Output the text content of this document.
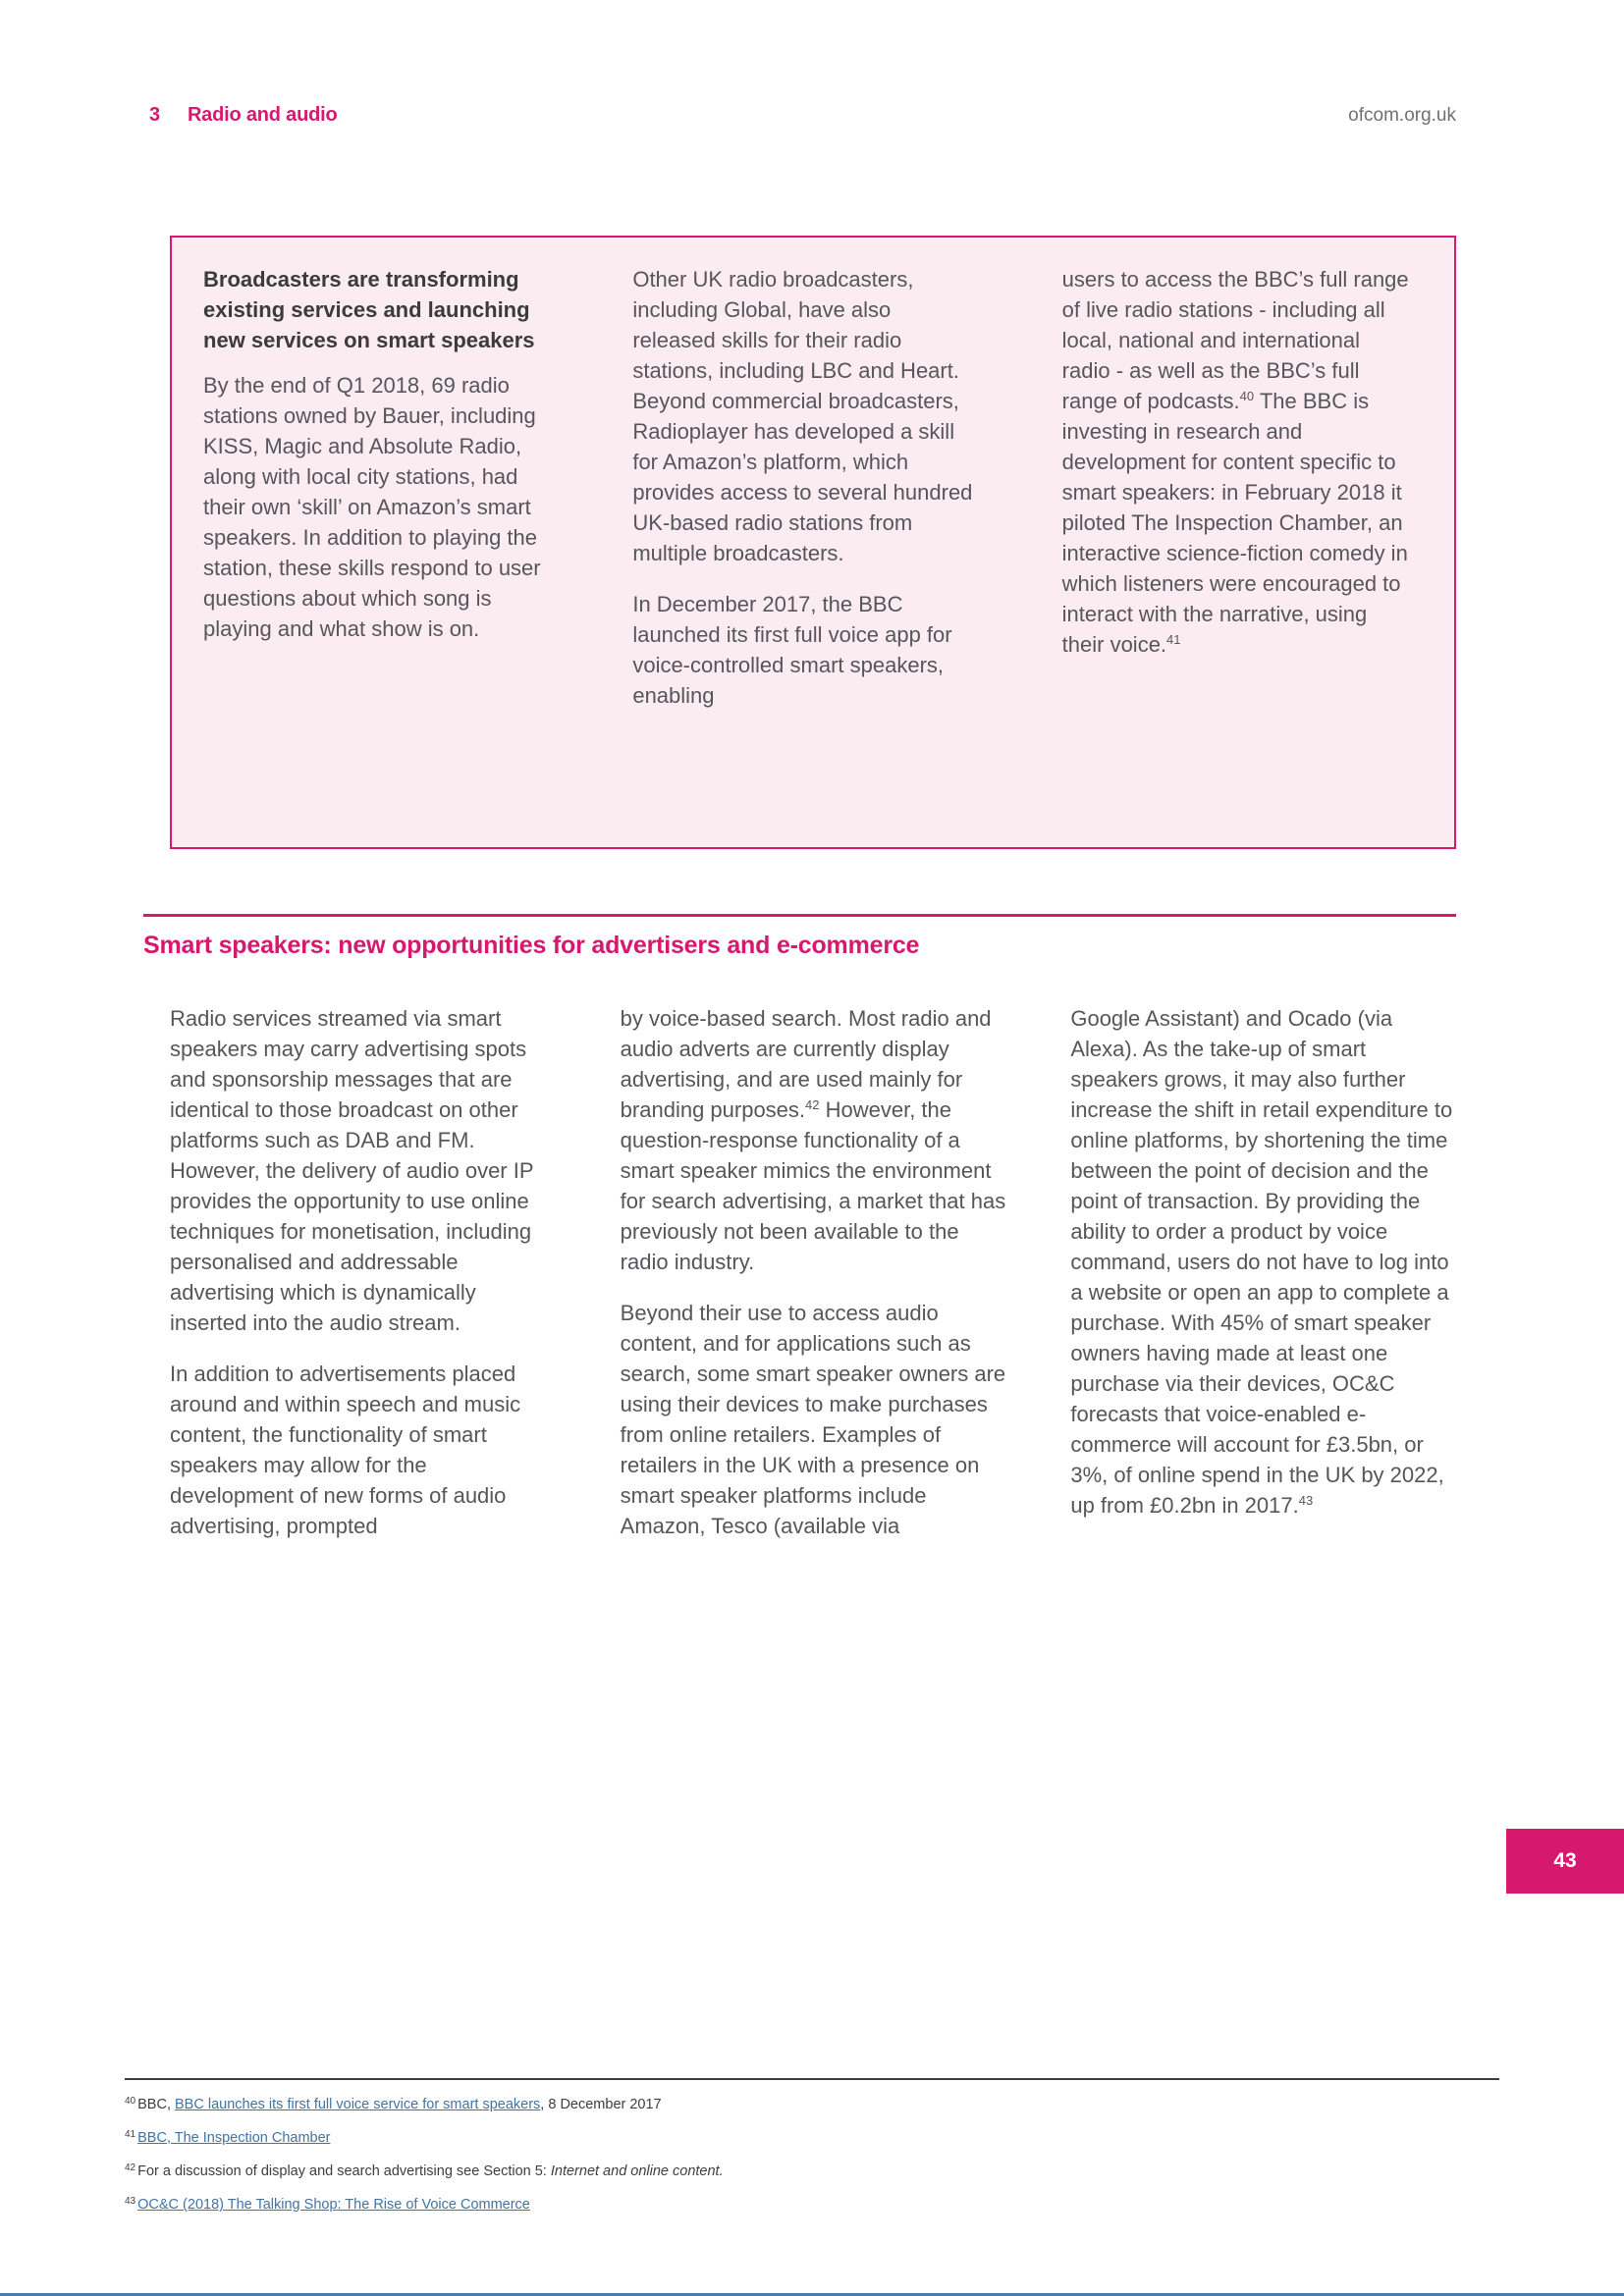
3 Radio and audio	ofcom.org.uk
Broadcasters are transforming existing services and launching new services on smart speakers

By the end of Q1 2018, 69 radio stations owned by Bauer, including KISS, Magic and Absolute Radio, along with local city stations, had their own ‘skill’ on Amazon’s smart speakers. In addition to playing the station, these skills respond to user questions about which song is playing and what show is on.

Other UK radio broadcasters, including Global, have also released skills for their radio stations, including LBC and Heart. Beyond commercial broadcasters, Radioplayer has developed a skill for Amazon’s platform, which provides access to several hundred UK-based radio stations from multiple broadcasters.

In December 2017, the BBC launched its first full voice app for voice-controlled smart speakers, enabling

users to access the BBC’s full range of live radio stations - including all local, national and international radio - as well as the BBC’s full range of podcasts.$^{40}$ The BBC is investing in research and development for content specific to smart speakers: in February 2018 it piloted The Inspection Chamber, an interactive science-fiction comedy in which listeners were encouraged to interact with the narrative, using their voice.$^{41}$

Smart speakers: new opportunities for advertisers and e-commerce

Radio services streamed via smart speakers may carry advertising spots and sponsorship messages that are identical to those broadcast on other platforms such as DAB and FM. However, the delivery of audio over IP provides the opportunity to use online techniques for monetisation, including personalised and addressable advertising which is dynamically inserted into the audio stream.

In addition to advertisements placed around and within speech and music content, the functionality of smart speakers may allow for the development of new forms of audio advertising, prompted

by voice-based search. Most radio and audio adverts are currently display advertising, and are used mainly for branding purposes.$^{42}$ However, the question-response functionality of a smart speaker mimics the environment for search advertising, a market that has previously not been available to the radio industry.

Beyond their use to access audio content, and for applications such as search, some smart speaker owners are using their devices to make purchases from online retailers. Examples of retailers in the UK with a presence on smart speaker platforms include Amazon, Tesco (available via

Google Assistant) and Ocado (via Alexa). As the take-up of smart speakers grows, it may also further increase the shift in retail expenditure to online platforms, by shortening the time between the point of decision and the point of transaction. By providing the ability to order a product by voice command, users do not have to log into a website or open an app to complete a purchase. With 45% of smart speaker owners having made at least one purchase via their devices, OC&C forecasts that voice-enabled e-commerce will account for £3.5bn, or 3%, of online spend in the UK by 2022, up from £0.2bn in 2017.43

43

$^{40}$ BBC, BBC launches its first full voice service for smart speakers, 8 December 2017

$^{41}$ BBC, The Inspection Chamber

$^{42}$ For a discussion of display and search advertising see Section 5: Internet and online content.

$^{43}$ OC&C (2018) The Talking Shop: The Rise of Voice Commerce
